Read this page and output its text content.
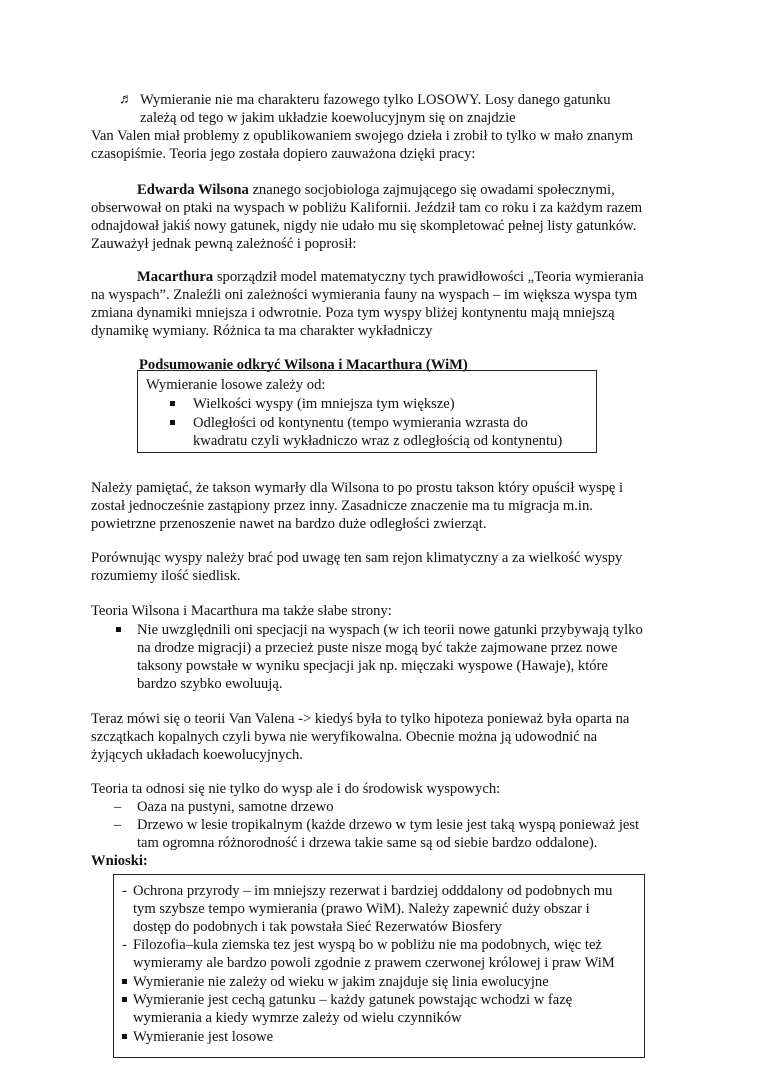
♬ Wymieranie nie ma charakteru fazowego tylko LOSOWY. Losy danego gatunku
zależą od tego w jakim układzie koewolucyjnym się on znajdzie
Van Valen miał problemy z opublikowaniem swojego dzieła i zrobił to tylko w mało znanym
czasopiśmie. Teoria jego została dopiero zauważona dzięki pracy:
Edwarda Wilsona znanego socjobiologa zajmującego się owadami społecznymi,
obserwował on ptaki na wyspach w pobliżu Kalifornii. Jeździł tam co roku i za każdym razem
odnajdował jakiś nowy gatunek, nigdy nie udało mu się skompletować pełnej listy gatunków.
Zauważył jednak pewną zależność i poprosił:
Macarthura sporządził model matematyczny tych prawidłowości „Teoria wymierania
na wyspach”. Znaleźli oni zależności wymierania fauny na wyspach – im większa wyspa tym
zmiana dynamiki mniejsza i odwrotnie. Poza tym wyspy bliżej kontynentu mają mniejszą
dynamikę wymiany. Różnica ta ma charakter wykładniczy
Podsumowanie odkryć Wilsona i Macarthura (WiM)
Wymieranie losowe zależy od:
Wielkości wyspy (im mniejsza tym większe)
Odległości od kontynentu (tempo wymierania wzrasta do
kwadratu czyli wykładniczo wraz z odległością od kontynentu)
Należy pamiętać, że takson wymarły dla Wilsona to po prostu takson który opuścił wyspę i
został jednocześnie zastąpiony przez inny. Zasadnicze znaczenie ma tu migracja m.in.
powietrzne przenoszenie nawet na bardzo duże odległości zwierząt.
Porównując wyspy należy brać pod uwagę ten sam rejon klimatyczny a za wielkość wyspy
rozumiemy ilość siedlisk.
Teoria Wilsona i Macarthura ma także słabe strony:
Nie uwzględnili oni specjacji na wyspach (w ich teorii nowe gatunki przybywają tylko
na drodze migracji) a przecież puste nisze mogą być także zajmowane przez nowe
taksony powstałe w wyniku specjacji jak np. mięczaki wyspowe (Hawaje), które
bardzo szybko ewoluują.
Teraz mówi się o teorii Van Valena -> kiedyś była to tylko hipoteza ponieważ była oparta na
szczątkach kopalnych czyli bywa nie weryfikowalna. Obecnie można ją udowodnić na
żyjących układach koewolucyjnych.
Teoria ta odnosi się nie tylko do wysp ale i do środowisk wyspowych:
– Oaza na pustyni, samotne drzewo
– Drzewo w lesie tropikalnym (każde drzewo w tym lesie jest taką wyspą ponieważ jest
tam ogromna różnorodność i drzewa takie same są od siebie bardzo oddalone).
Wnioski:
- Ochrona przyrody – im mniejszy rezerwat i bardziej odddalony od podobnych mu
tym szybsze tempo wymierania (prawo WiM). Należy zapewnić duży obszar i
dostęp do podobnych i tak powstała Sieć Rezerwatów Biosfery
- Filozofia–kula ziemska tez jest wyspą bo w pobliżu nie ma podobnych, więc też
wymieramy ale bardzo powoli zgodnie z prawem czerwonej królowej i praw WiM
Wymieranie nie zależy od wieku w jakim znajduje się linia ewolucyjne
Wymieranie jest cechą gatunku – każdy gatunek powstając wchodzi w fazę
wymierania a kiedy wymrze zależy od wielu czynników
Wymieranie jest losowe
